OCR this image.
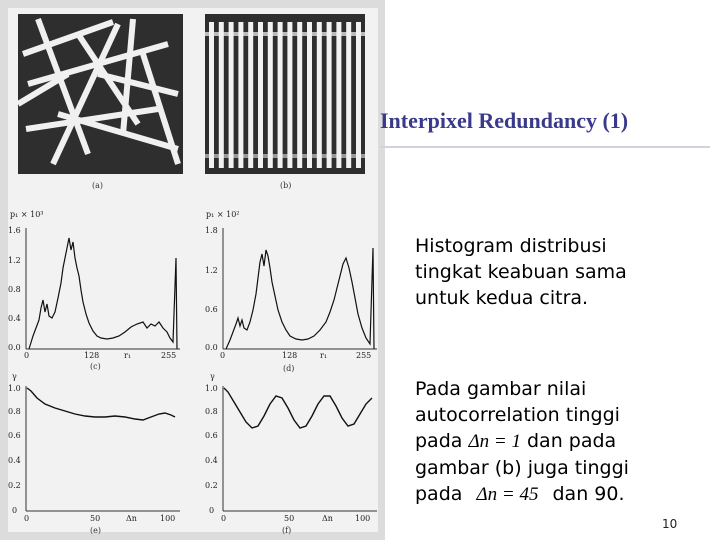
(a)	(b)
p₁ × 10³
1.6
1.2
0.8
0.4
0.0
0	128	r₁	255
(c)
p₁ × 10²
1.8
1.2
0.6
0.0
0	128	r₁	255
(d)
γ
1.0
0.8
0.6
0.4
0.2
0
0	50	Δn	100
(e)
γ
1.0
0.8
0.6
0.4
0.2
0
0	50	Δn	100
(f)
Interpixel Redundancy (1)
Histogram distribusi
tingkat keabuan sama
untuk kedua citra.
Pada gambar nilai
autocorrelation tinggi
pada Δn = 1 dan pada
gambar (b) juga tinggi
pada Δn = 45 dan 90.
10
